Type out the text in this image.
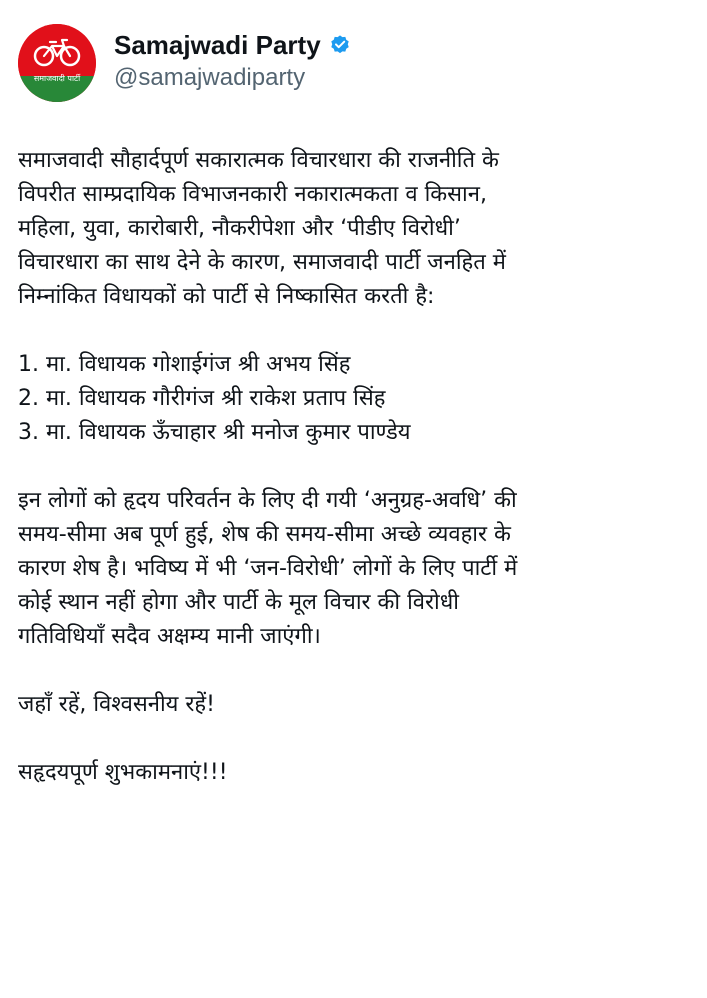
समाजवादी पार्टी
Samajwadi Party
@samajwadiparty

समाजवादी सौहार्दपूर्ण सकारात्मक विचारधारा की राजनीति के
विपरीत साम्प्रदायिक विभाजनकारी नकारात्मकता व किसान,
महिला, युवा, कारोबारी, नौकरीपेशा और ‘पीडीए विरोधी’
विचारधारा का साथ देने के कारण, समाजवादी पार्टी जनहित में
निम्नांकित विधायकों को पार्टी से निष्कासित करती है:

1. मा. विधायक गोशाईगंज श्री अभय सिंह
2. मा. विधायक गौरीगंज श्री राकेश प्रताप सिंह
3. मा. विधायक ऊँचाहार श्री मनोज कुमार पाण्डेय

इन लोगों को हृदय परिवर्तन के लिए दी गयी ‘अनुग्रह-अवधि’ की
समय-सीमा अब पूर्ण हुई, शेष की समय-सीमा अच्छे व्यवहार के
कारण शेष है। भविष्य में भी ‘जन-विरोधी’ लोगों के लिए पार्टी में
कोई स्थान नहीं होगा और पार्टी के मूल विचार की विरोधी
गतिविधियाँ सदैव अक्षम्य मानी जाएंगी।

जहाँ रहें, विश्वसनीय रहें!

सहृदयपूर्ण शुभकामनाएं!!!
